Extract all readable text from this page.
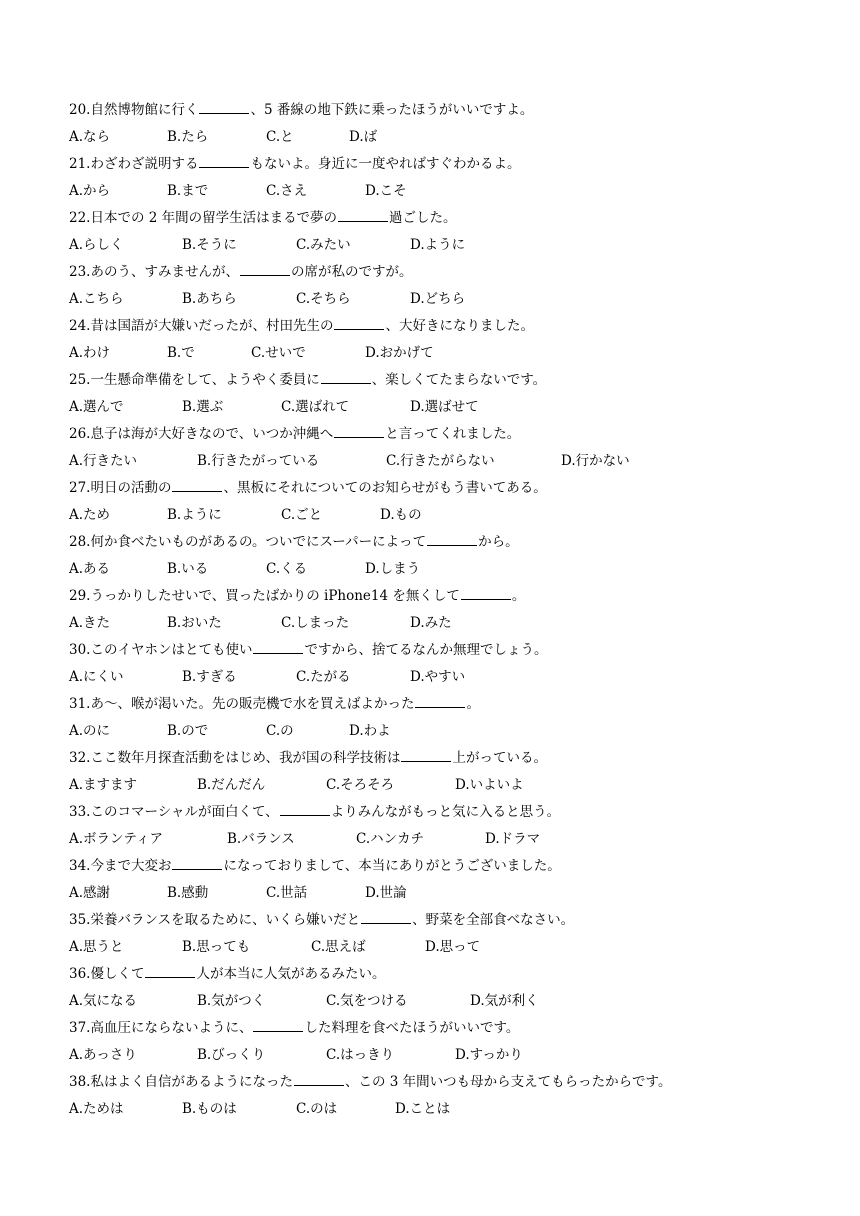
20.自然博物館に行く	、5 番線の地下鉄に乗ったほうがいいですよ。
A.なら	B.たら	C.と	D.ば
21.わざわざ説明する	もないよ。身近に一度やればすぐわかるよ。
A.から	B.まで	C.さえ	D.こそ
22.日本での 2 年間の留学生活はまるで夢の	過ごした。
A.らしく	B.そうに	C.みたい	D.ように
23.あのう、すみませんが、	の席が私のですが。
A.こちら	B.あちら	C.そちら	D.どちら
24.昔は国語が大嫌いだったが、村田先生の	、大好きになりました。
A.わけ	B.で	C.せいで	D.おかげて
25.一生懸命準備をして、ようやく委員に	、楽しくてたまらないです。
A.選んで	B.選ぶ	C.選ばれて	D.選ばせて
26.息子は海が大好きなので、いつか沖縄へ	と言ってくれました。
A.行きたい	B.行きたがっている	C.行きたがらない	D.行かない
27.明日の活動の	、黒板にそれについてのお知らせがもう書いてある。
A.ため	B.ように	C.ごと	D.もの
28.何か食べたいものがあるの。ついでにスーパーによって	から。
A.ある	B.いる	C.くる	D.しまう
29.うっかりしたせいで、買ったばかりの iPhone14 を無くして	。
A.きた	B.おいた	C.しまった	D.みた
30.このイヤホンはとても使い	ですから、捨てるなんか無理でしょう。
A.にくい	B.すぎる	C.たがる	D.やすい
31.あ～、喉が渇いた。先の販売機で水を買えばよかった	。
A.のに	B.ので	C.の	D.わよ
32.ここ数年月探査活動をはじめ、我が国の科学技術は	上がっている。
A.ますます	B.だんだん	C.そろそろ	D.いよいよ
33.このコマーシャルが面白くて、	よりみんながもっと気に入ると思う。
A.ボランティア	B.バランス	C.ハンカチ	D.ドラマ
34.今まで大変お	になっておりまして、本当にありがとうございました。
A.感謝	B.感動	C.世話	D.世論
35.栄養バランスを取るために、いくら嫌いだと	、野菜を全部食べなさい。
A.思うと	B.思っても	C.思えば	D.思って
36.優しくて	人が本当に人気があるみたい。
A.気になる	B.気がつく	C.気をつける	D.気が利く
37.高血圧にならないように、	した料理を食べたほうがいいです。
A.あっさり	B.びっくり	C.はっきり	D.すっかり
38.私はよく自信があるようになった	、この 3 年間いつも母から支えてもらったからです。
A.ためは	B.ものは	C.のは	D.ことは
